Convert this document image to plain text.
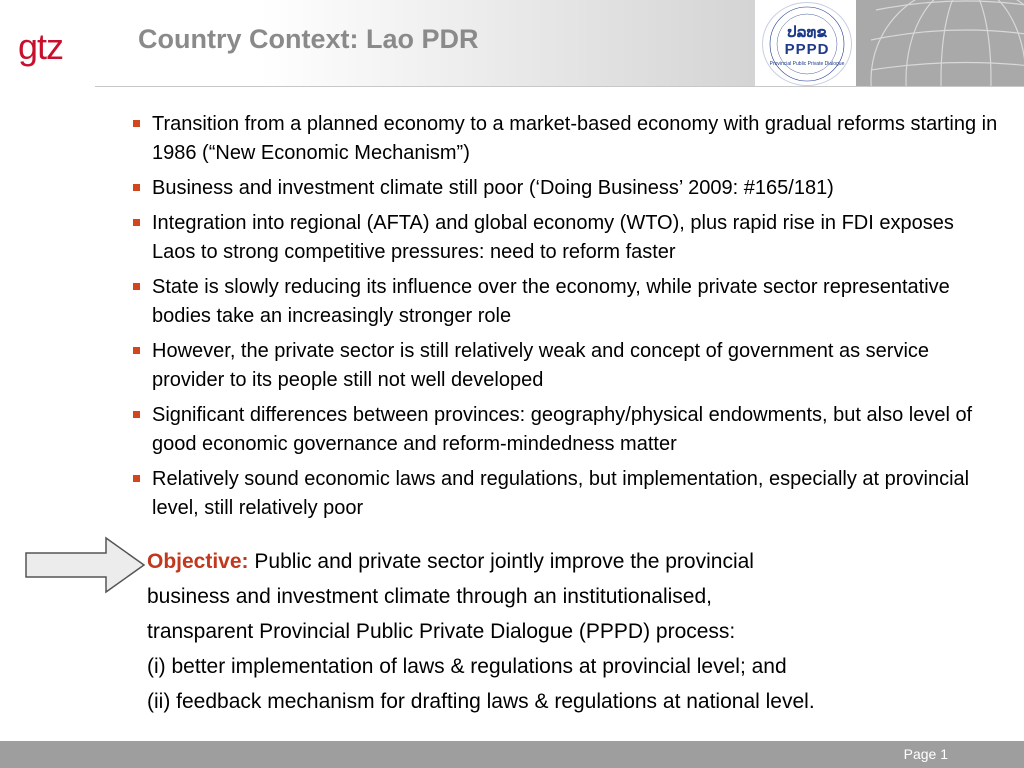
gtz	Country Context: Lao PDR	ປລທຂ
PPPD
Provincial Public Private Dialogue
Transition from a planned economy to a market-based economy with gradual reforms starting in 1986 (“New Economic Mechanism”)
Business and investment climate still poor (‘Doing Business’ 2009: #165/181)
Integration into regional (AFTA) and global economy (WTO), plus rapid rise in FDI exposes Laos to strong competitive pressures: need to reform faster
State is slowly reducing its influence over the economy, while private sector representative bodies take an increasingly stronger role
However, the private sector is still relatively weak and concept of government as service provider to its people still not well developed
Significant differences between provinces: geography/physical endowments, but also level of good economic governance and reform-mindedness matter
Relatively sound economic laws and regulations, but implementation, especially at provincial level, still relatively poor

Objective: Public and private sector jointly improve the provincial

business and investment climate through an institutionalised,

transparent Provincial Public Private Dialogue (PPPD) process:

(i) better implementation of laws & regulations at provincial level; and

(ii) feedback mechanism for drafting laws & regulations at national level.

Page 1
